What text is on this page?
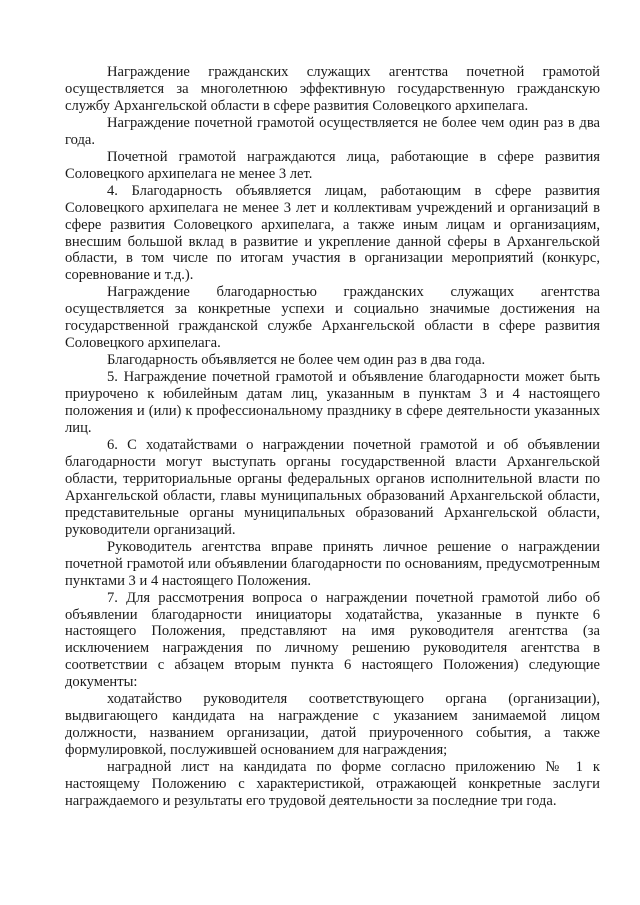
Награждение гражданских служащих агентства почетной грамотой осуществляется за многолетнюю эффективную государственную гражданскую службу Архангельской области в сфере развития Соловецкого архипелага.

Награждение почетной грамотой осуществляется не более чем один раз в два года.

Почетной грамотой награждаются лица, работающие в сфере развития Соловецкого архипелага не менее 3 лет.

4. Благодарность объявляется лицам, работающим в сфере развития Соловецкого архипелага не менее 3 лет и коллективам учреждений и организаций в сфере развития Соловецкого архипелага, а также иным лицам и организациям, внесшим большой вклад в развитие и укрепление данной сферы в Архангельской области, в том числе по итогам участия в организации мероприятий (конкурс, соревнование и т.д.).

Награждение благодарностью гражданских служащих агентства осуществляется за конкретные успехи и социально значимые достижения на государственной гражданской службе Архангельской области в сфере развития Соловецкого архипелага.

Благодарность объявляется не более чем один раз в два года.

5. Награждение почетной грамотой и объявление благодарности может быть приурочено к юбилейным датам лиц, указанным в пунктам 3 и 4 настоящего положения и (или) к профессиональному празднику в сфере деятельности указанных лиц.

6. С ходатайствами о награждении почетной грамотой и об объявлении благодарности могут выступать органы государственной власти Архангельской области, территориальные органы федеральных органов исполнительной власти по Архангельской области, главы муниципальных образований Архангельской области, представительные органы муниципальных образований Архангельской области, руководители организаций.

Руководитель агентства вправе принять личное решение о награждении почетной грамотой или объявлении благодарности по основаниям, предусмотренным пунктами 3 и 4 настоящего Положения.

7. Для рассмотрения вопроса о награждении почетной грамотой либо об объявлении благодарности инициаторы ходатайства, указанные в пункте 6 настоящего Положения, представляют на имя руководителя агентства (за исключением награждения по личному решению руководителя агентства в соответствии с абзацем вторым пункта 6 настоящего Положения) следующие документы:

ходатайство руководителя соответствующего органа (организации), выдвигающего кандидата на награждение с указанием занимаемой лицом должности, названием организации, датой приуроченного события, а также формулировкой, послужившей основанием для награждения;

наградной лист на кандидата по форме согласно приложению № 1 к настоящему Положению с характеристикой, отражающей конкретные заслуги награждаемого и результаты его трудовой деятельности за последние три года.
